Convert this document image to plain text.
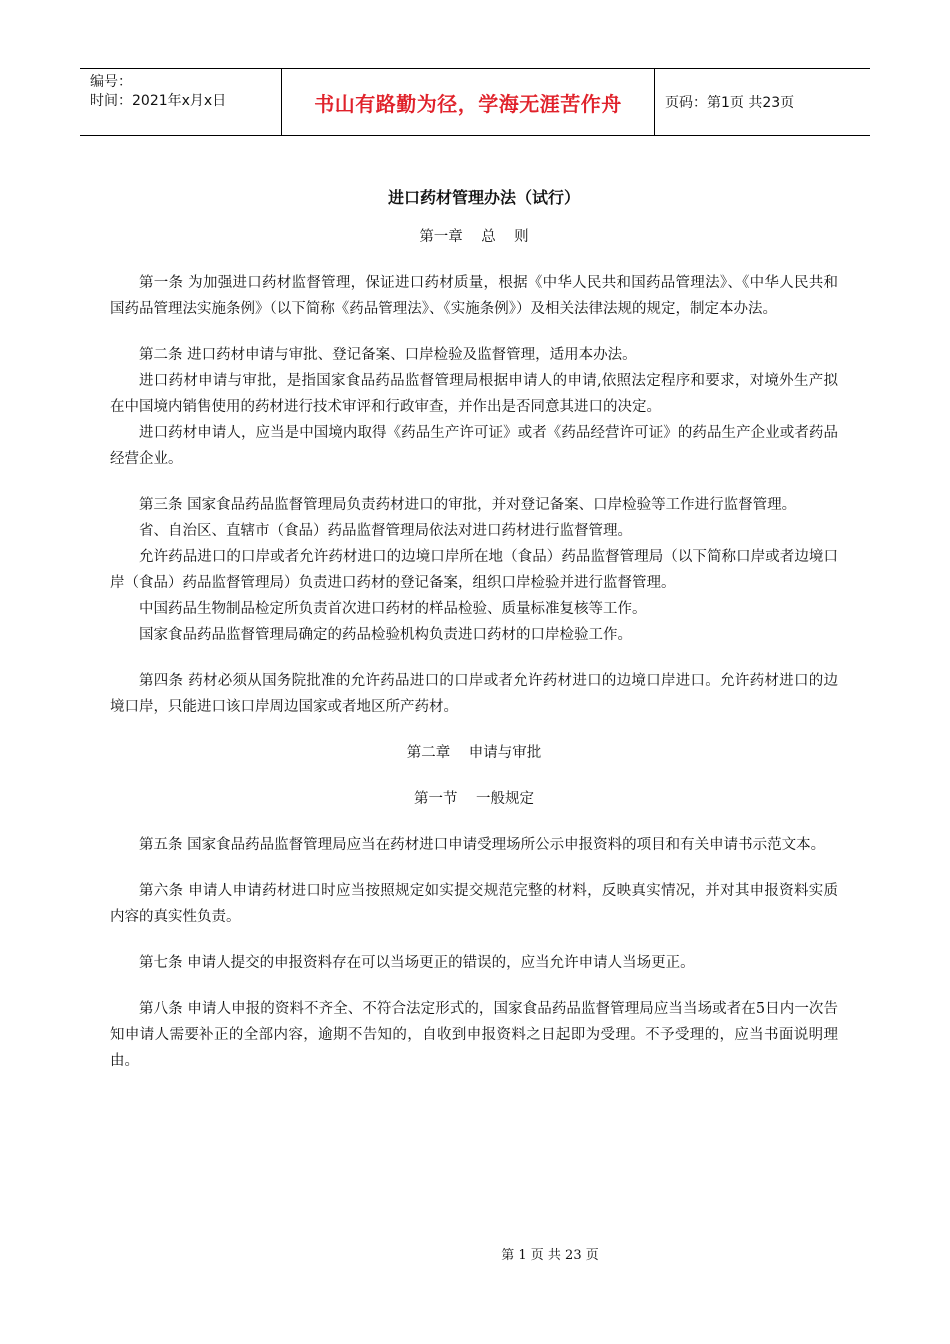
编号：
时间：2021年x月x日	书山有路勤为径，学海无涯苦作舟	页码：第1页 共23页
进口药材管理办法（试行）
第一章    总    则

第一条 为加强进口药材监督管理，保证进口药材质量，根据《中华人民共和国药品管理法》、《中华人民共和国药品管理法实施条例》（以下简称《药品管理法》、《实施条例》）及相关法律法规的规定，制定本办法。

第二条 进口药材申请与审批、登记备案、口岸检验及监督管理，适用本办法。

进口药材申请与审批，是指国家食品药品监督管理局根据申请人的申请,依照法定程序和要求，对境外生产拟在中国境内销售使用的药材进行技术审评和行政审查，并作出是否同意其进口的决定。

进口药材申请人，应当是中国境内取得《药品生产许可证》或者《药品经营许可证》的药品生产企业或者药品经营企业。

第三条 国家食品药品监督管理局负责药材进口的审批，并对登记备案、口岸检验等工作进行监督管理。

省、自治区、直辖市（食品）药品监督管理局依法对进口药材进行监督管理。

允许药品进口的口岸或者允许药材进口的边境口岸所在地（食品）药品监督管理局（以下简称口岸或者边境口岸（食品）药品监督管理局）负责进口药材的登记备案，组织口岸检验并进行监督管理。

中国药品生物制品检定所负责首次进口药材的样品检验、质量标准复核等工作。

国家食品药品监督管理局确定的药品检验机构负责进口药材的口岸检验工作。

第四条 药材必须从国务院批准的允许药品进口的口岸或者允许药材进口的边境口岸进口。允许药材进口的边境口岸，只能进口该口岸周边国家或者地区所产药材。

第二章    申请与审批
第一节    一般规定

第五条 国家食品药品监督管理局应当在药材进口申请受理场所公示申报资料的项目和有关申请书示范文本。

第六条 申请人申请药材进口时应当按照规定如实提交规范完整的材料，反映真实情况，并对其申报资料实质内容的真实性负责。

第七条 申请人提交的申报资料存在可以当场更正的错误的，应当允许申请人当场更正。

第八条 申请人申报的资料不齐全、不符合法定形式的，国家食品药品监督管理局应当当场或者在5日内一次告知申请人需要补正的全部内容，逾期不告知的，自收到申报资料之日起即为受理。不予受理的，应当书面说明理由。

第 1 页 共 23 页
